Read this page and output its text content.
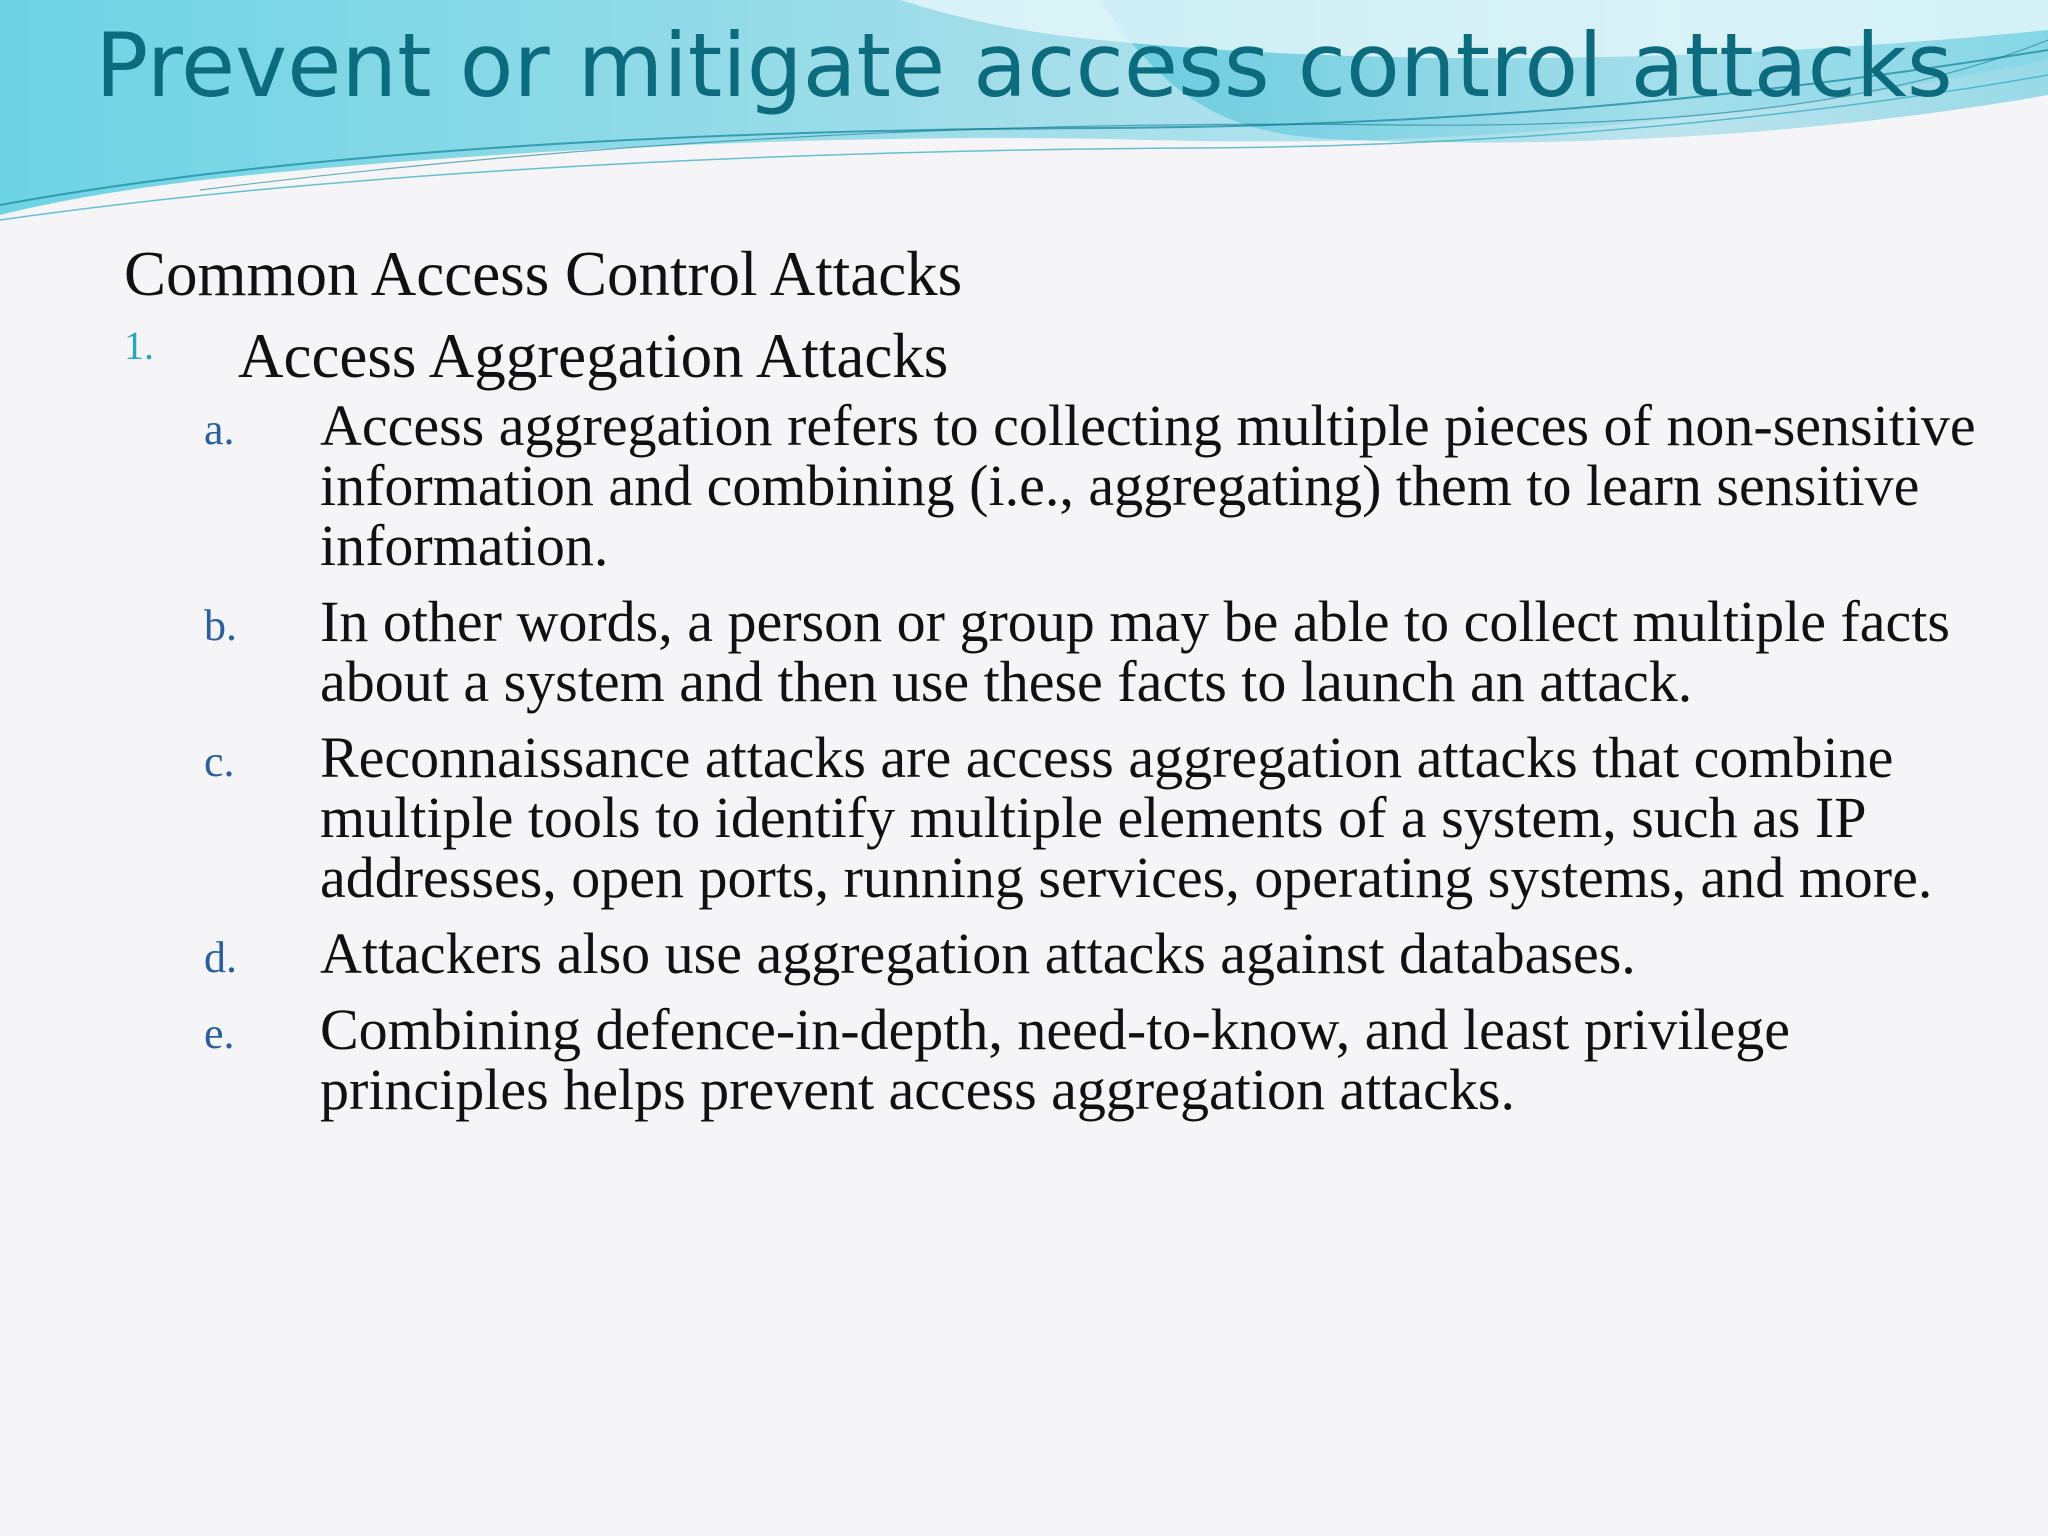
Prevent or mitigate access control attacks

Common Access Control Attacks

1. Access Aggregation Attacks
a. Access aggregation refers to collecting multiple pieces of non-sensitive information and combining (i.e., aggregating) them to learn sensitive information.
b. In other words, a person or group may be able to collect multiple facts about a system and then use these facts to launch an attack.
c. Reconnaissance attacks are access aggregation attacks that combine multiple tools to identify multiple elements of a system, such as IP addresses, open ports, running services, operating systems, and more.
d. Attackers also use aggregation attacks against databases.
e. Combining defence-in-depth, need-to-know, and least privilege principles helps prevent access aggregation attacks.
